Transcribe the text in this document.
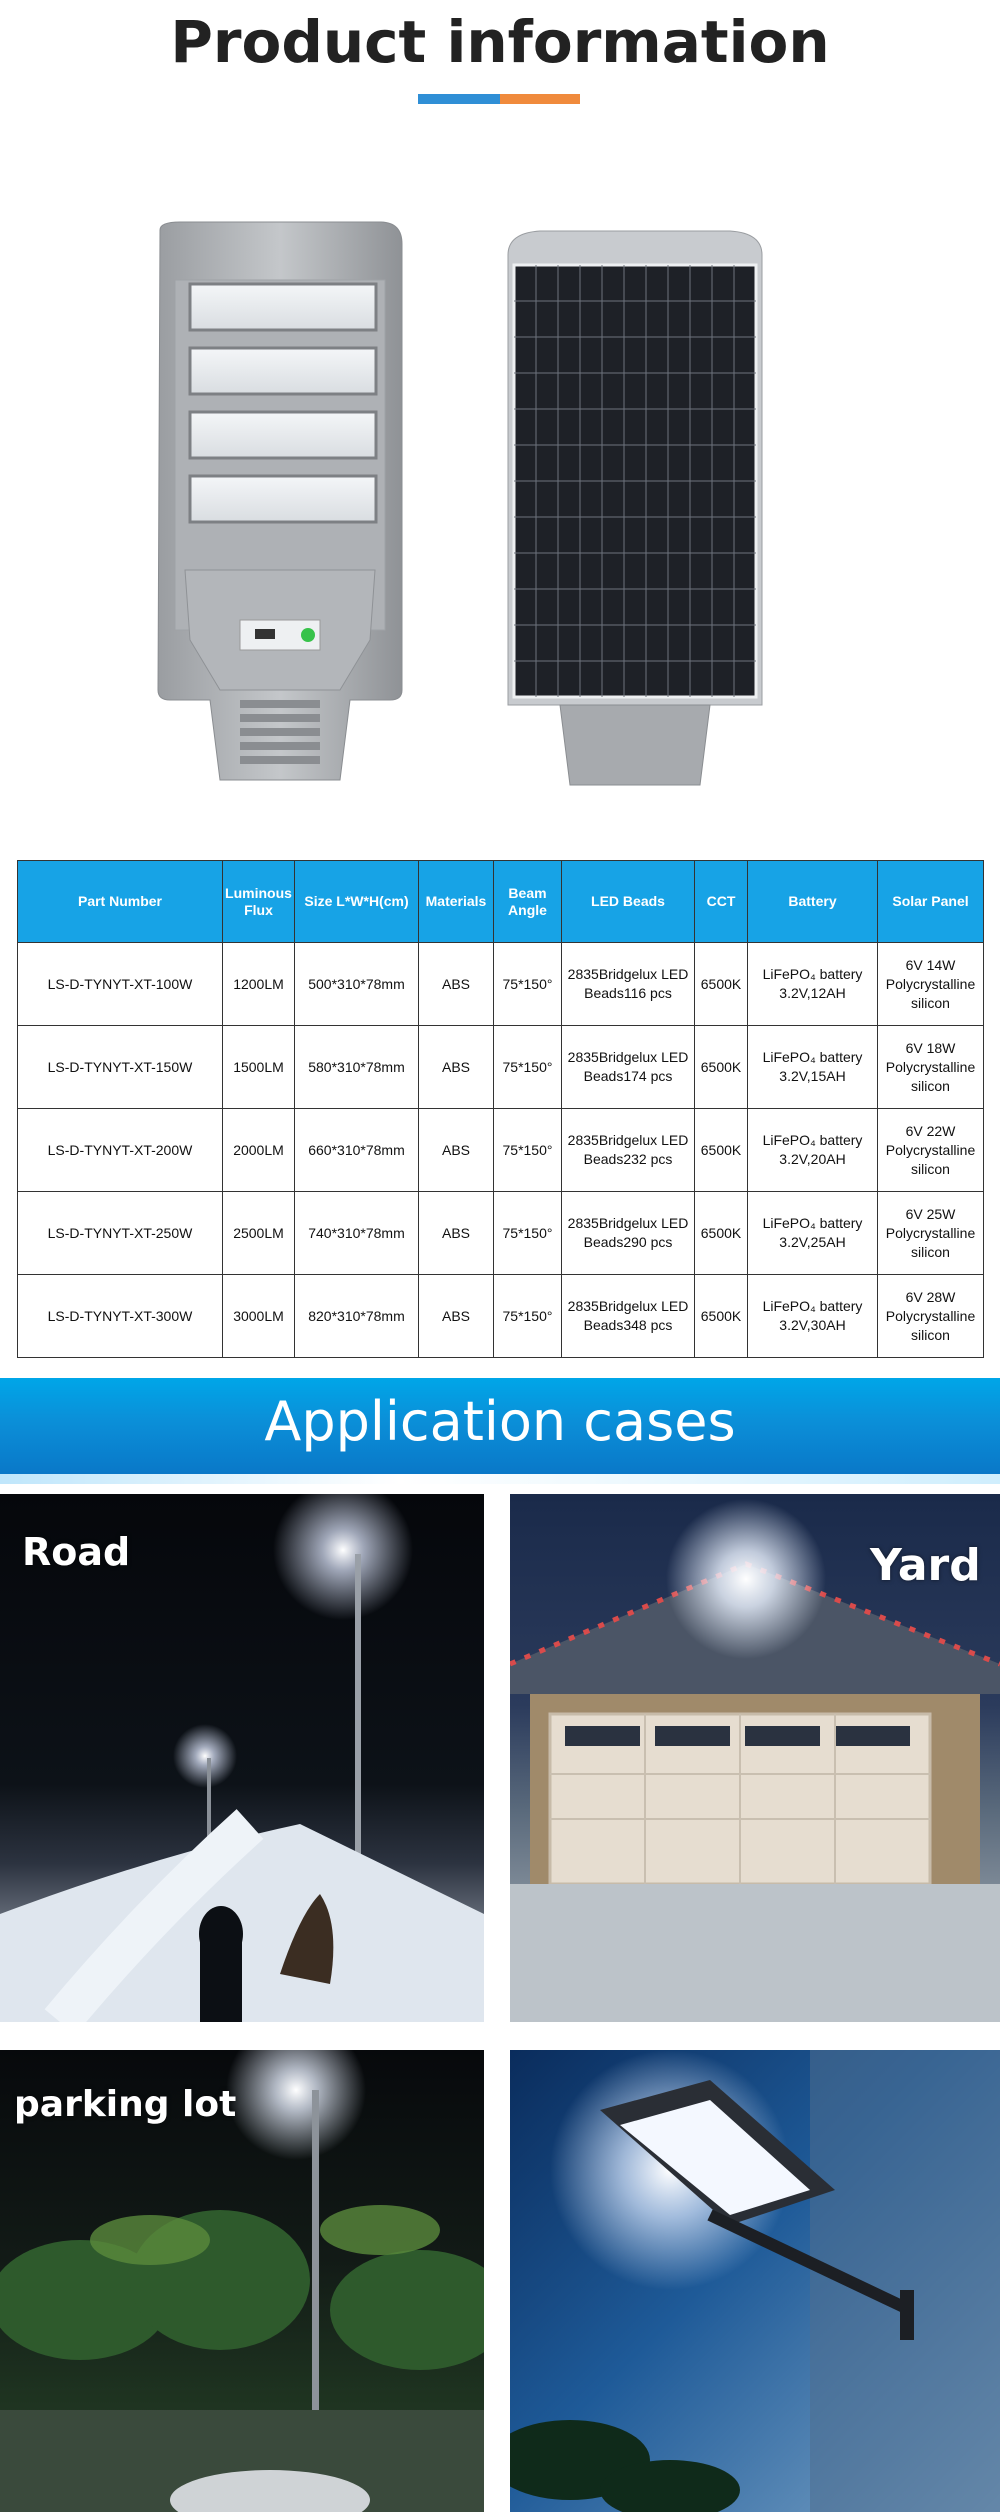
Product information
Part Number	Luminous Flux	Size L*W*H(cm)	Materials	Beam Angle	LED Beads	CCT	Battery	Solar Panel
LS-D-TYNYT-XT-100W	1200LM	500*310*78mm	ABS	75*150°	2835Bridgelux LED Beads116 pcs	6500K	LiFePO₄ battery 3.2V,12AH	6V 14W Polycrystalline silicon
LS-D-TYNYT-XT-150W	1500LM	580*310*78mm	ABS	75*150°	2835Bridgelux LED Beads174 pcs	6500K	LiFePO₄ battery 3.2V,15AH	6V 18W Polycrystalline silicon
LS-D-TYNYT-XT-200W	2000LM	660*310*78mm	ABS	75*150°	2835Bridgelux LED Beads232 pcs	6500K	LiFePO₄ battery 3.2V,20AH	6V 22W Polycrystalline silicon
LS-D-TYNYT-XT-250W	2500LM	740*310*78mm	ABS	75*150°	2835Bridgelux LED Beads290 pcs	6500K	LiFePO₄ battery 3.2V,25AH	6V 25W Polycrystalline silicon
LS-D-TYNYT-XT-300W	3000LM	820*310*78mm	ABS	75*150°	2835Bridgelux LED Beads348 pcs	6500K	LiFePO₄ battery 3.2V,30AH	6V 28W Polycrystalline silicon
Application cases
Road	Yard
parking lot
